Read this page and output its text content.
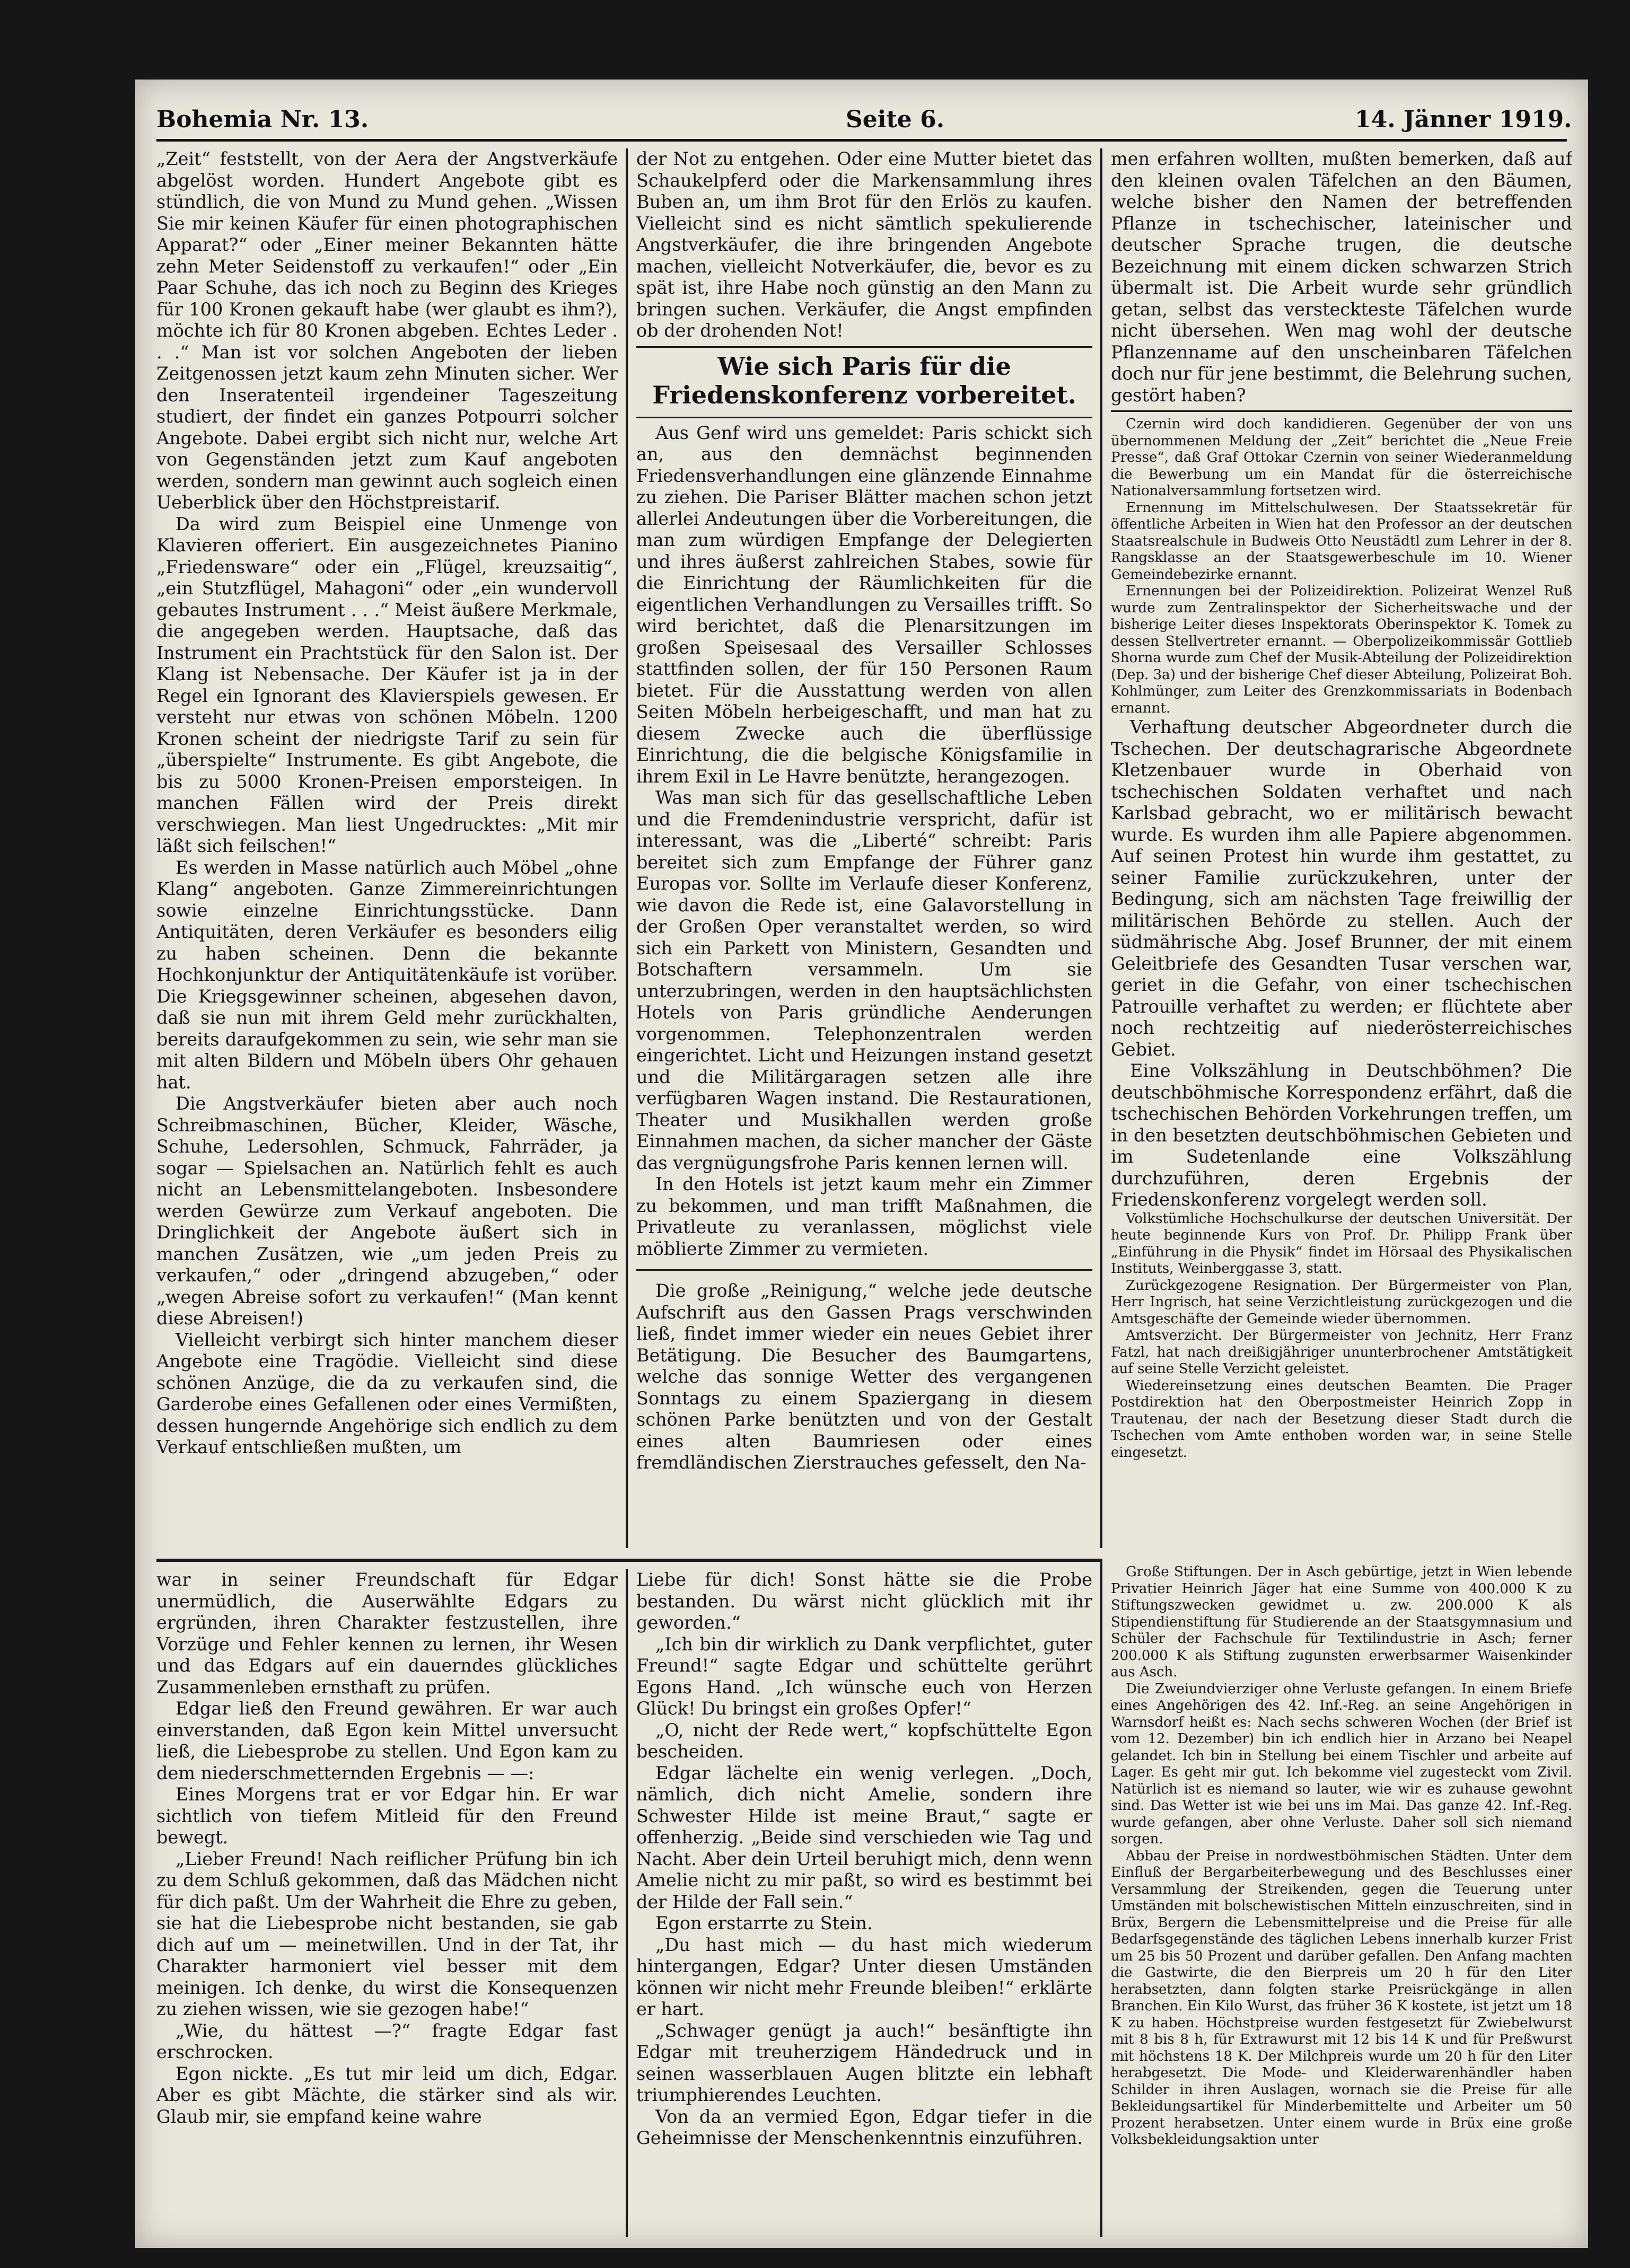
Bohemia Nr. 13.	Seite 6.	14. Jänner 1919.

„Zeit“ feststellt, von der Aera der Angstverkäufe abgelöst worden. Hundert Angebote gibt es stündlich, die von Mund zu Mund gehen. „Wissen Sie mir keinen Käufer für einen photographischen Apparat?“ oder „Einer meiner Bekannten hätte zehn Meter Seidenstoff zu verkaufen!“ oder „Ein Paar Schuhe, das ich noch zu Beginn des Krieges für 100 Kronen gekauft habe (wer glaubt es ihm?), möchte ich für 80 Kronen abgeben. Echtes Leder . . .“ Man ist vor solchen Angeboten der lieben Zeitgenossen jetzt kaum zehn Minuten sicher. Wer den Inseratenteil irgendeiner Tageszeitung studiert, der findet ein ganzes Potpourri solcher Angebote. Dabei ergibt sich nicht nur, welche Art von Gegenständen jetzt zum Kauf angeboten werden, sondern man gewinnt auch sogleich einen Ueberblick über den Höchstpreistarif.

Da wird zum Beispiel eine Unmenge von Klavieren offeriert. Ein ausgezeichnetes Pianino „Friedensware“ oder ein „Flügel, kreuzsaitig“, „ein Stutzflügel, Mahagoni“ oder „ein wundervoll gebautes Instrument . . .“ Meist äußere Merkmale, die angegeben werden. Hauptsache, daß das Instrument ein Prachtstück für den Salon ist. Der Klang ist Nebensache. Der Käufer ist ja in der Regel ein Ignorant des Klavierspiels gewesen. Er versteht nur etwas von schönen Möbeln. 1200 Kronen scheint der niedrigste Tarif zu sein für „überspielte“ Instrumente. Es gibt Angebote, die bis zu 5000 Kronen-Preisen emporsteigen. In manchen Fällen wird der Preis direkt verschwiegen. Man liest Ungedrucktes: „Mit mir läßt sich feilschen!“

Es werden in Masse natürlich auch Möbel „ohne Klang“ angeboten. Ganze Zimmereinrichtungen sowie einzelne Einrichtungsstücke. Dann Antiquitäten, deren Verkäufer es besonders eilig zu haben scheinen. Denn die bekannte Hochkonjunktur der Antiquitätenkäufe ist vorüber. Die Kriegsgewinner scheinen, abgesehen davon, daß sie nun mit ihrem Geld mehr zurückhalten, bereits daraufgekommen zu sein, wie sehr man sie mit alten Bildern und Möbeln übers Ohr gehauen hat.

Die Angstverkäufer bieten aber auch noch Schreibmaschinen, Bücher, Kleider, Wäsche, Schuhe, Ledersohlen, Schmuck, Fahrräder, ja sogar — Spielsachen an. Natürlich fehlt es auch nicht an Lebensmittelangeboten. Insbesondere werden Gewürze zum Verkauf angeboten. Die Dringlichkeit der Angebote äußert sich in manchen Zusätzen, wie „um jeden Preis zu verkaufen,“ oder „dringend abzugeben,“ oder „wegen Abreise sofort zu verkaufen!“ (Man kennt diese Abreisen!)

Vielleicht verbirgt sich hinter manchem dieser Angebote eine Tragödie. Vielleicht sind diese schönen Anzüge, die da zu verkaufen sind, die Garderobe eines Gefallenen oder eines Vermißten, dessen hungernde Angehörige sich endlich zu dem Verkauf entschließen mußten, um

der Not zu entgehen. Oder eine Mutter bietet das Schaukelpferd oder die Markensammlung ihres Buben an, um ihm Brot für den Erlös zu kaufen. Vielleicht sind es nicht sämtlich spekulierende Angstverkäufer, die ihre bringenden Angebote machen, vielleicht Notverkäufer, die, bevor es zu spät ist, ihre Habe noch günstig an den Mann zu bringen suchen. Verkäufer, die Angst empfinden ob der drohenden Not!

Wie sich Paris für die Friedenskonferenz vorbereitet.

Aus Genf wird uns gemeldet: Paris schickt sich an, aus den demnächst beginnenden Friedensverhandlungen eine glänzende Einnahme zu ziehen. Die Pariser Blätter machen schon jetzt allerlei Andeutungen über die Vorbereitungen, die man zum würdigen Empfange der Delegierten und ihres äußerst zahlreichen Stabes, sowie für die Einrichtung der Räumlichkeiten für die eigentlichen Verhandlungen zu Versailles trifft. So wird berichtet, daß die Plenarsitzungen im großen Speisesaal des Versailler Schlosses stattfinden sollen, der für 150 Personen Raum bietet. Für die Ausstattung werden von allen Seiten Möbeln herbeigeschafft, und man hat zu diesem Zwecke auch die überflüssige Einrichtung, die die belgische Königsfamilie in ihrem Exil in Le Havre benützte, herangezogen.

Was man sich für das gesellschaftliche Leben und die Fremdenindustrie verspricht, dafür ist interessant, was die „Liberté“ schreibt: Paris bereitet sich zum Empfange der Führer ganz Europas vor. Sollte im Verlaufe dieser Konferenz, wie davon die Rede ist, eine Galavorstellung in der Großen Oper veranstaltet werden, so wird sich ein Parkett von Ministern, Gesandten und Botschaftern versammeln. Um sie unterzubringen, werden in den hauptsächlichsten Hotels von Paris gründliche Aenderungen vorgenommen. Telephonzentralen werden eingerichtet. Licht und Heizungen instand gesetzt und die Militärgaragen setzen alle ihre verfügbaren Wagen instand. Die Restaurationen, Theater und Musikhallen werden große Einnahmen machen, da sicher mancher der Gäste das vergnügungsfrohe Paris kennen lernen will.

In den Hotels ist jetzt kaum mehr ein Zimmer zu bekommen, und man trifft Maßnahmen, die Privatleute zu veranlassen, möglichst viele möblierte Zimmer zu vermieten.

Die große „Reinigung,“ welche jede deutsche Aufschrift aus den Gassen Prags verschwinden ließ, findet immer wieder ein neues Gebiet ihrer Betätigung. Die Besucher des Baumgartens, welche das sonnige Wetter des vergangenen Sonntags zu einem Spaziergang in diesem schönen Parke benützten und von der Gestalt eines alten Baumriesen oder eines fremdländischen Zierstrauches gefesselt, den Na-

men erfahren wollten, mußten bemerken, daß auf den kleinen ovalen Täfelchen an den Bäumen, welche bisher den Namen der betreffenden Pflanze in tschechischer, lateinischer und deutscher Sprache trugen, die deutsche Bezeichnung mit einem dicken schwarzen Strich übermalt ist. Die Arbeit wurde sehr gründlich getan, selbst das versteckteste Täfelchen wurde nicht übersehen. Wen mag wohl der deutsche Pflanzenname auf den unscheinbaren Täfelchen doch nur für jene bestimmt, die Belehrung suchen, gestört haben?

Czernin wird doch kandidieren. Gegenüber der von uns übernommenen Meldung der „Zeit“ berichtet die „Neue Freie Presse“, daß Graf Ottokar Czernin von seiner Wiederanmeldung die Bewerbung um ein Mandat für die österreichische Nationalversammlung fortsetzen wird.

Ernennung im Mittelschulwesen. Der Staatssekretär für öffentliche Arbeiten in Wien hat den Professor an der deutschen Staatsrealschule in Budweis Otto Neustädtl zum Lehrer in der 8. Rangsklasse an der Staatsgewerbeschule im 10. Wiener Gemeindebezirke ernannt.

Ernennungen bei der Polizeidirektion. Polizeirat Wenzel Ruß wurde zum Zentralinspektor der Sicherheitswache und der bisherige Leiter dieses Inspektorats Oberinspektor K. Tomek zu dessen Stellvertreter ernannt. — Oberpolizeikommissär Gottlieb Shorna wurde zum Chef der Musik-Abteilung der Polizeidirektion (Dep. 3a) und der bisherige Chef dieser Abteilung, Polizeirat Boh. Kohlmünger, zum Leiter des Grenzkommissariats in Bodenbach ernannt.

Verhaftung deutscher Abgeordneter durch die Tschechen. Der deutschagrarische Abgeordnete Kletzenbauer wurde in Oberhaid von tschechischen Soldaten verhaftet und nach Karlsbad gebracht, wo er militärisch bewacht wurde. Es wurden ihm alle Papiere abgenommen. Auf seinen Protest hin wurde ihm gestattet, zu seiner Familie zurückzukehren, unter der Bedingung, sich am nächsten Tage freiwillig der militärischen Behörde zu stellen. Auch der südmährische Abg. Josef Brunner, der mit einem Geleitbriefe des Gesandten Tusar verschen war, geriet in die Gefahr, von einer tschechischen Patrouille verhaftet zu werden; er flüchtete aber noch rechtzeitig auf niederösterreichisches Gebiet.

Eine Volkszählung in Deutschböhmen? Die deutschböhmische Korrespondenz erfährt, daß die tschechischen Behörden Vorkehrungen treffen, um in den besetzten deutschböhmischen Gebieten und im Sudetenlande eine Volkszählung durchzuführen, deren Ergebnis der Friedenskonferenz vorgelegt werden soll.

Volkstümliche Hochschulkurse der deutschen Universität. Der heute beginnende Kurs von Prof. Dr. Philipp Frank über „Einführung in die Physik“ findet im Hörsaal des Physikalischen Instituts, Weinberggasse 3, statt.

Zurückgezogene Resignation. Der Bürgermeister von Plan, Herr Ingrisch, hat seine Verzichtleistung zurückgezogen und die Amtsgeschäfte der Gemeinde wieder übernommen.

Amtsverzicht. Der Bürgermeister von Jechnitz, Herr Franz Fatzl, hat nach dreißigjähriger ununterbrochener Amtstätigkeit auf seine Stelle Verzicht geleistet.

Wiedereinsetzung eines deutschen Beamten. Die Prager Postdirektion hat den Oberpostmeister Heinrich Zopp in Trautenau, der nach der Besetzung dieser Stadt durch die Tschechen vom Amte enthoben worden war, in seine Stelle eingesetzt.

war in seiner Freundschaft für Edgar unermüdlich, die Auserwählte Edgars zu ergründen, ihren Charakter festzustellen, ihre Vorzüge und Fehler kennen zu lernen, ihr Wesen und das Edgars auf ein dauerndes glückliches Zusammenleben ernsthaft zu prüfen.

Edgar ließ den Freund gewähren. Er war auch einverstanden, daß Egon kein Mittel unversucht ließ, die Liebesprobe zu stellen. Und Egon kam zu dem niederschmetternden Ergebnis — —:

Eines Morgens trat er vor Edgar hin. Er war sichtlich von tiefem Mitleid für den Freund bewegt.

„Lieber Freund! Nach reiflicher Prüfung bin ich zu dem Schluß gekommen, daß das Mädchen nicht für dich paßt. Um der Wahrheit die Ehre zu geben, sie hat die Liebesprobe nicht bestanden, sie gab dich auf um — meinetwillen. Und in der Tat, ihr Charakter harmoniert viel besser mit dem meinigen. Ich denke, du wirst die Konsequenzen zu ziehen wissen, wie sie gezogen habe!“

„Wie, du hättest —?“ fragte Edgar fast erschrocken.

Egon nickte. „Es tut mir leid um dich, Edgar. Aber es gibt Mächte, die stärker sind als wir. Glaub mir, sie empfand keine wahre

Liebe für dich! Sonst hätte sie die Probe bestanden. Du wärst nicht glücklich mit ihr geworden.“

„Ich bin dir wirklich zu Dank verpflichtet, guter Freund!“ sagte Edgar und schüttelte gerührt Egons Hand. „Ich wünsche euch von Herzen Glück! Du bringst ein großes Opfer!“

„O, nicht der Rede wert,“ kopfschüttelte Egon bescheiden.

Edgar lächelte ein wenig verlegen. „Doch, nämlich, dich nicht Amelie, sondern ihre Schwester Hilde ist meine Braut,“ sagte er offenherzig. „Beide sind verschieden wie Tag und Nacht. Aber dein Urteil beruhigt mich, denn wenn Amelie nicht zu mir paßt, so wird es bestimmt bei der Hilde der Fall sein.“

Egon erstarrte zu Stein.

„Du hast mich — du hast mich wiederum hintergangen, Edgar? Unter diesen Umständen können wir nicht mehr Freunde bleiben!“ erklärte er hart.

„Schwager genügt ja auch!“ besänftigte ihn Edgar mit treuherzigem Händedruck und in seinen wasserblauen Augen blitzte ein lebhaft triumphierendes Leuchten.

Von da an vermied Egon, Edgar tiefer in die Geheimnisse der Menschenkenntnis einzuführen.

Große Stiftungen. Der in Asch gebürtige, jetzt in Wien lebende Privatier Heinrich Jäger hat eine Summe von 400.000 K zu Stiftungszwecken gewidmet u. zw. 200.000 K als Stipendienstiftung für Studierende an der Staatsgymnasium und Schüler der Fachschule für Textilindustrie in Asch; ferner 200.000 K als Stiftung zugunsten erwerbsarmer Waisenkinder aus Asch.

Die Zweiundvierziger ohne Verluste gefangen. In einem Briefe eines Angehörigen des 42. Inf.-Reg. an seine Angehörigen in Warnsdorf heißt es: Nach sechs schweren Wochen (der Brief ist vom 12. Dezember) bin ich endlich hier in Arzano bei Neapel gelandet. Ich bin in Stellung bei einem Tischler und arbeite auf Lager. Es geht mir gut. Ich bekomme viel zugesteckt vom Zivil. Natürlich ist es niemand so lauter, wie wir es zuhause gewohnt sind. Das Wetter ist wie bei uns im Mai. Das ganze 42. Inf.-Reg. wurde gefangen, aber ohne Verluste. Daher soll sich niemand sorgen.

Abbau der Preise in nordwestböhmischen Städten. Unter dem Einfluß der Bergarbeiterbewegung und des Beschlusses einer Versammlung der Streikenden, gegen die Teuerung unter Umständen mit bolschewistischen Mitteln einzuschreiten, sind in Brüx, Bergern die Lebensmittelpreise und die Preise für alle Bedarfsgegenstände des täglichen Lebens innerhalb kurzer Frist um 25 bis 50 Prozent und darüber gefallen. Den Anfang machten die Gastwirte, die den Bierpreis um 20 h für den Liter herabsetzten, dann folgten starke Preisrückgänge in allen Branchen. Ein Kilo Wurst, das früher 36 K kostete, ist jetzt um 18 K zu haben. Höchstpreise wurden festgesetzt für Zwiebelwurst mit 8 bis 8 h, für Extrawurst mit 12 bis 14 K und für Preßwurst mit höchstens 18 K. Der Milchpreis wurde um 20 h für den Liter herabgesetzt. Die Mode- und Kleiderwarenhändler haben Schilder in ihren Auslagen, wornach sie die Preise für alle Bekleidungsartikel für Minderbemittelte und Arbeiter um 50 Prozent herabsetzen. Unter einem wurde in Brüx eine große Volksbekleidungsaktion unter
